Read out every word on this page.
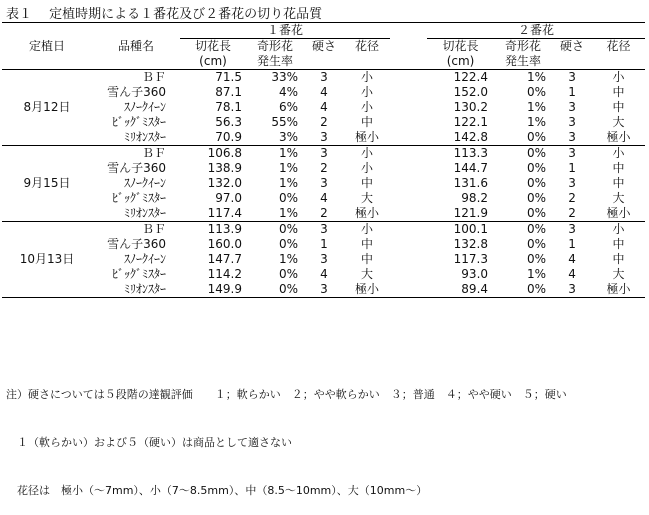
表１　 定植時期による１番花及び２番花の切り花品質
定植日	品種名	１番花					２番花			
		切花長	奇形花	硬さ	花径		切花長	奇形花	硬さ	花径
		(cm)	発生率				(cm)	発生率		
8月12日	ＢＦ	71.5	33%	3	小		122.4	1%	3	小
	雪ん子360	87.1	4%	4	小		152.0	0%	1	中
	ｽﾉｰｸｲｰﾝ	78.1	6%	4	小		130.2	1%	3	中
	ﾋﾞｯｸﾞﾐｽﾀｰ	56.3	55%	2	中		122.1	1%	3	大
	ﾐﾘｵﾝｽﾀｰ	70.9	3%	3	極小		142.8	0%	3	極小
9月15日	ＢＦ	106.8	1%	3	小		113.3	0%	3	小
	雪ん子360	138.9	1%	2	小		144.7	0%	1	中
	ｽﾉｰｸｲｰﾝ	132.0	1%	3	中		131.6	0%	3	中
	ﾋﾞｯｸﾞﾐｽﾀｰ	97.0	0%	4	大		98.2	0%	2	大
	ﾐﾘｵﾝｽﾀｰ	117.4	1%	2	極小		121.9	0%	2	極小
10月13日	ＢＦ	113.9	0%	3	小		100.1	0%	3	小
	雪ん子360	160.0	0%	1	中		132.8	0%	1	中
	ｽﾉｰｸｲｰﾝ	147.7	1%	3	中		117.3	0%	4	中
	ﾋﾞｯｸﾞﾐｽﾀｰ	114.2	0%	4	大		93.0	1%	4	大
	ﾐﾘｵﾝｽﾀｰ	149.9	0%	3	極小		89.4	0%	3	極小

注）硬さについては５段階の達観評価　　１；軟らかい　２；やや軟らかい　３；普通　４；やや硬い　５；硬い

　１（軟らかい）および５（硬い）は商品として適さない

　花径は　極小（～7mm）、小（7～8.5mm）、中（8.5～10mm）、大（10mm～）
